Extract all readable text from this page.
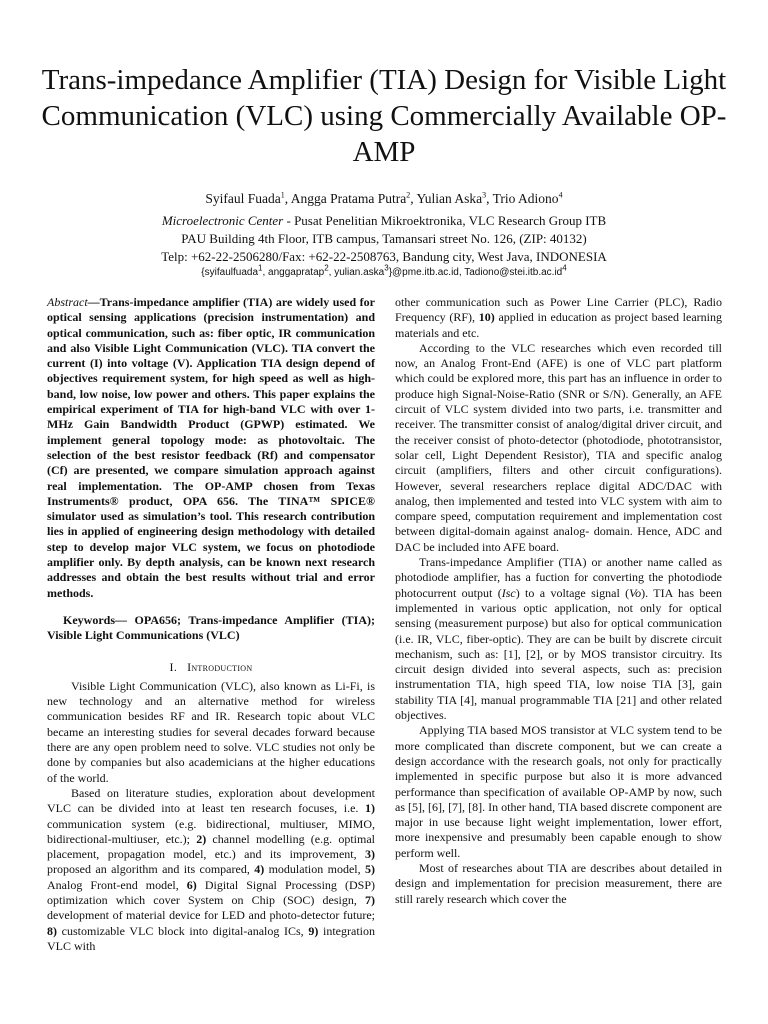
Trans-impedance Amplifier (TIA) Design for Visible Light Communication (VLC) using Commercially Available OP-AMP
Syifaul Fuada$^1$, Angga Pratama Putra$^2$, Yulian Aska$^3$, Trio Adiono$^4$
Microelectronic Center - Pusat Penelitian Mikroektronika, VLC Research Group ITB
PAU Building 4th Floor, ITB campus, Tamansari street No. 126, (ZIP: 40132)
Telp: +62-22-2506280/Fax: +62-22-2508763, Bandung city, West Java, INDONESIA
{syifaulfuada$^1$, anggapratap$^2$, yulian.aska$^3$}@pme.itb.ac.id, $Tadiono@stei.itb.ac.id^4$

Abstract—Trans-impedance amplifier (TIA) are widely used for optical sensing applications (precision instrumentation) and optical communication, such as: fiber optic, IR communication and also Visible Light Communication (VLC). TIA convert the current (I) into voltage (V). Application TIA design depend of objectives requirement system, for high speed as well as high-band, low noise, low power and others. This paper explains the empirical experiment of TIA for high-band VLC with over 1-MHz Gain Bandwidth Product (GPWP) estimated. We implement general topology mode: as photovoltaic. The selection of the best resistor feedback (Rf) and compensator (Cf) are presented, we compare simulation approach against real implementation. The OP-AMP chosen from Texas Instruments® product, OPA 656. The TINA™ SPICE® simulator used as simulation’s tool. This research contribution lies in applied of engineering design methodology with detailed step to develop major VLC system, we focus on photodiode amplifier only. By depth analysis, can be known next research addresses and obtain the best results without trial and error methods.

Keywords— OPA656; Trans-impedance Amplifier (TIA); Visible Light Communications (VLC)

I. Introduction

Visible Light Communication (VLC), also known as Li-Fi, is new technology and an alternative method for wireless communication besides RF and IR. Research topic about VLC became an interesting studies for several decades forward because there are any open problem need to solve. VLC studies not only be done by companies but also academicians at the higher educations of the world.

Based on literature studies, exploration about development VLC can be divided into at least ten research focuses, i.e. 1) communication system (e.g. bidirectional, multiuser, MIMO, bidirectional-multiuser, etc.); 2) channel modelling (e.g. optimal placement, propagation model, etc.) and its improvement, 3) proposed an algorithm and its compared, 4) modulation model, 5) Analog Front-end model, 6) Digital Signal Processing (DSP) optimization which cover System on Chip (SOC) design, 7) development of material device for LED and photo-detector future; 8) customizable VLC block into digital-analog ICs, 9) integration VLC with

other communication such as Power Line Carrier (PLC), Radio Frequency (RF), 10) applied in education as project based learning materials and etc.

According to the VLC researches which even recorded till now, an Analog Front-End (AFE) is one of VLC part platform which could be explored more, this part has an influence in order to produce high Signal-Noise-Ratio (SNR or S/N). Generally, an AFE circuit of VLC system divided into two parts, i.e. transmitter and receiver. The transmitter consist of analog/digital driver circuit, and the receiver consist of photo-detector (photodiode, phototransistor, solar cell, Light Dependent Resistor), TIA and specific analog circuit (amplifiers, filters and other circuit configurations). However, several researchers replace digital ADC/DAC with analog, then implemented and tested into VLC system with aim to compare speed, computation requirement and implementation cost between digital-domain against analog- domain. Hence, ADC and DAC be included into AFE board.

Trans-impedance Amplifier (TIA) or another name called as photodiode amplifier, has a fuction for converting the photodiode photocurrent output (Isc) to a voltage signal (Vo). TIA has been implemented in various optic application, not only for optical sensing (measurement purpose) but also for optical communication (i.e. IR, VLC, fiber-optic). They are can be built by discrete circuit mechanism, such as: [1], [2], or by MOS transistor circuitry. Its circuit design divided into several aspects, such as: precision instrumentation TIA, high speed TIA, low noise TIA [3], gain stability TIA [4], manual programmable TIA [21] and other related objectives.

Applying TIA based MOS transistor at VLC system tend to be more complicated than discrete component, but we can create a design accordance with the research goals, not only for practically implemented in specific purpose but also it is more advanced performance than specification of available OP-AMP by now, such as [5], [6], [7], [8]. In other hand, TIA based discrete component are major in use because light weight implementation, lower effort, more inexpensive and presumably been capable enough to show perform well.

Most of researches about TIA are describes about detailed in design and implementation for precision measurement, there are still rarely research which cover the
